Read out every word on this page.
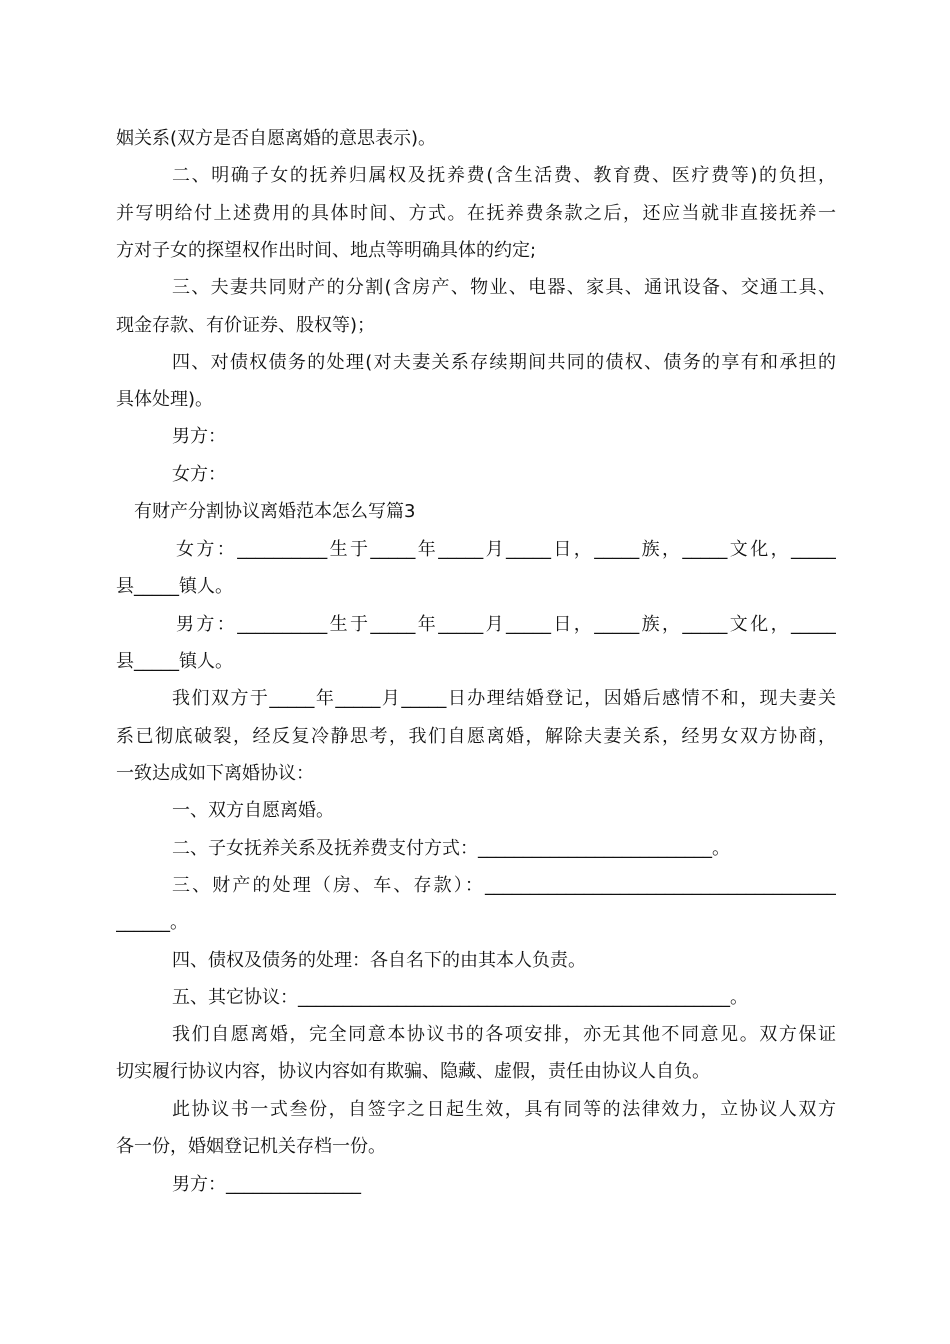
姻关系(双方是否自愿离婚的意思表示)。
二、明确子女的抚养归属权及抚养费(含生活费、教育费、医疗费等)的负担，
并写明给付上述费用的具体时间、方式。在抚养费条款之后，还应当就非直接抚养一
方对子女的探望权作出时间、地点等明确具体的约定;
三、夫妻共同财产的分割(含房产、物业、电器、家具、通讯设备、交通工具、
现金存款、有价证券、股权等)；
四、对债权债务的处理(对夫妻关系存续期间共同的债权、债务的享有和承担的
具体处理)。
男方：
女方：
有财产分割协议离婚范本怎么写篇3
女方：__________生于_____年_____月_____日，_____族，_____文化，_____
县_____镇人。
男方：__________生于_____年_____月_____日，_____族，_____文化，_____
县_____镇人。
我们双方于_____年_____月_____日办理结婚登记，因婚后感情不和，现夫妻关
系已彻底破裂，经反复冷静思考，我们自愿离婚，解除夫妻关系，经男女双方协商，
一致达成如下离婚协议：
一、双方自愿离婚。
二、子女抚养关系及抚养费支付方式：__________________________。
三、财产的处理（房、车、存款）：_______________________________________
______。
四、债权及债务的处理：各自名下的由其本人负责。
五、其它协议：________________________________________________。
我们自愿离婚，完全同意本协议书的各项安排，亦无其他不同意见。双方保证
切实履行协议内容，协议内容如有欺骗、隐藏、虚假，责任由协议人自负。
此协议书一式叁份，自签字之日起生效，具有同等的法律效力，立协议人双方
各一份，婚姻登记机关存档一份。
男方：_______________
